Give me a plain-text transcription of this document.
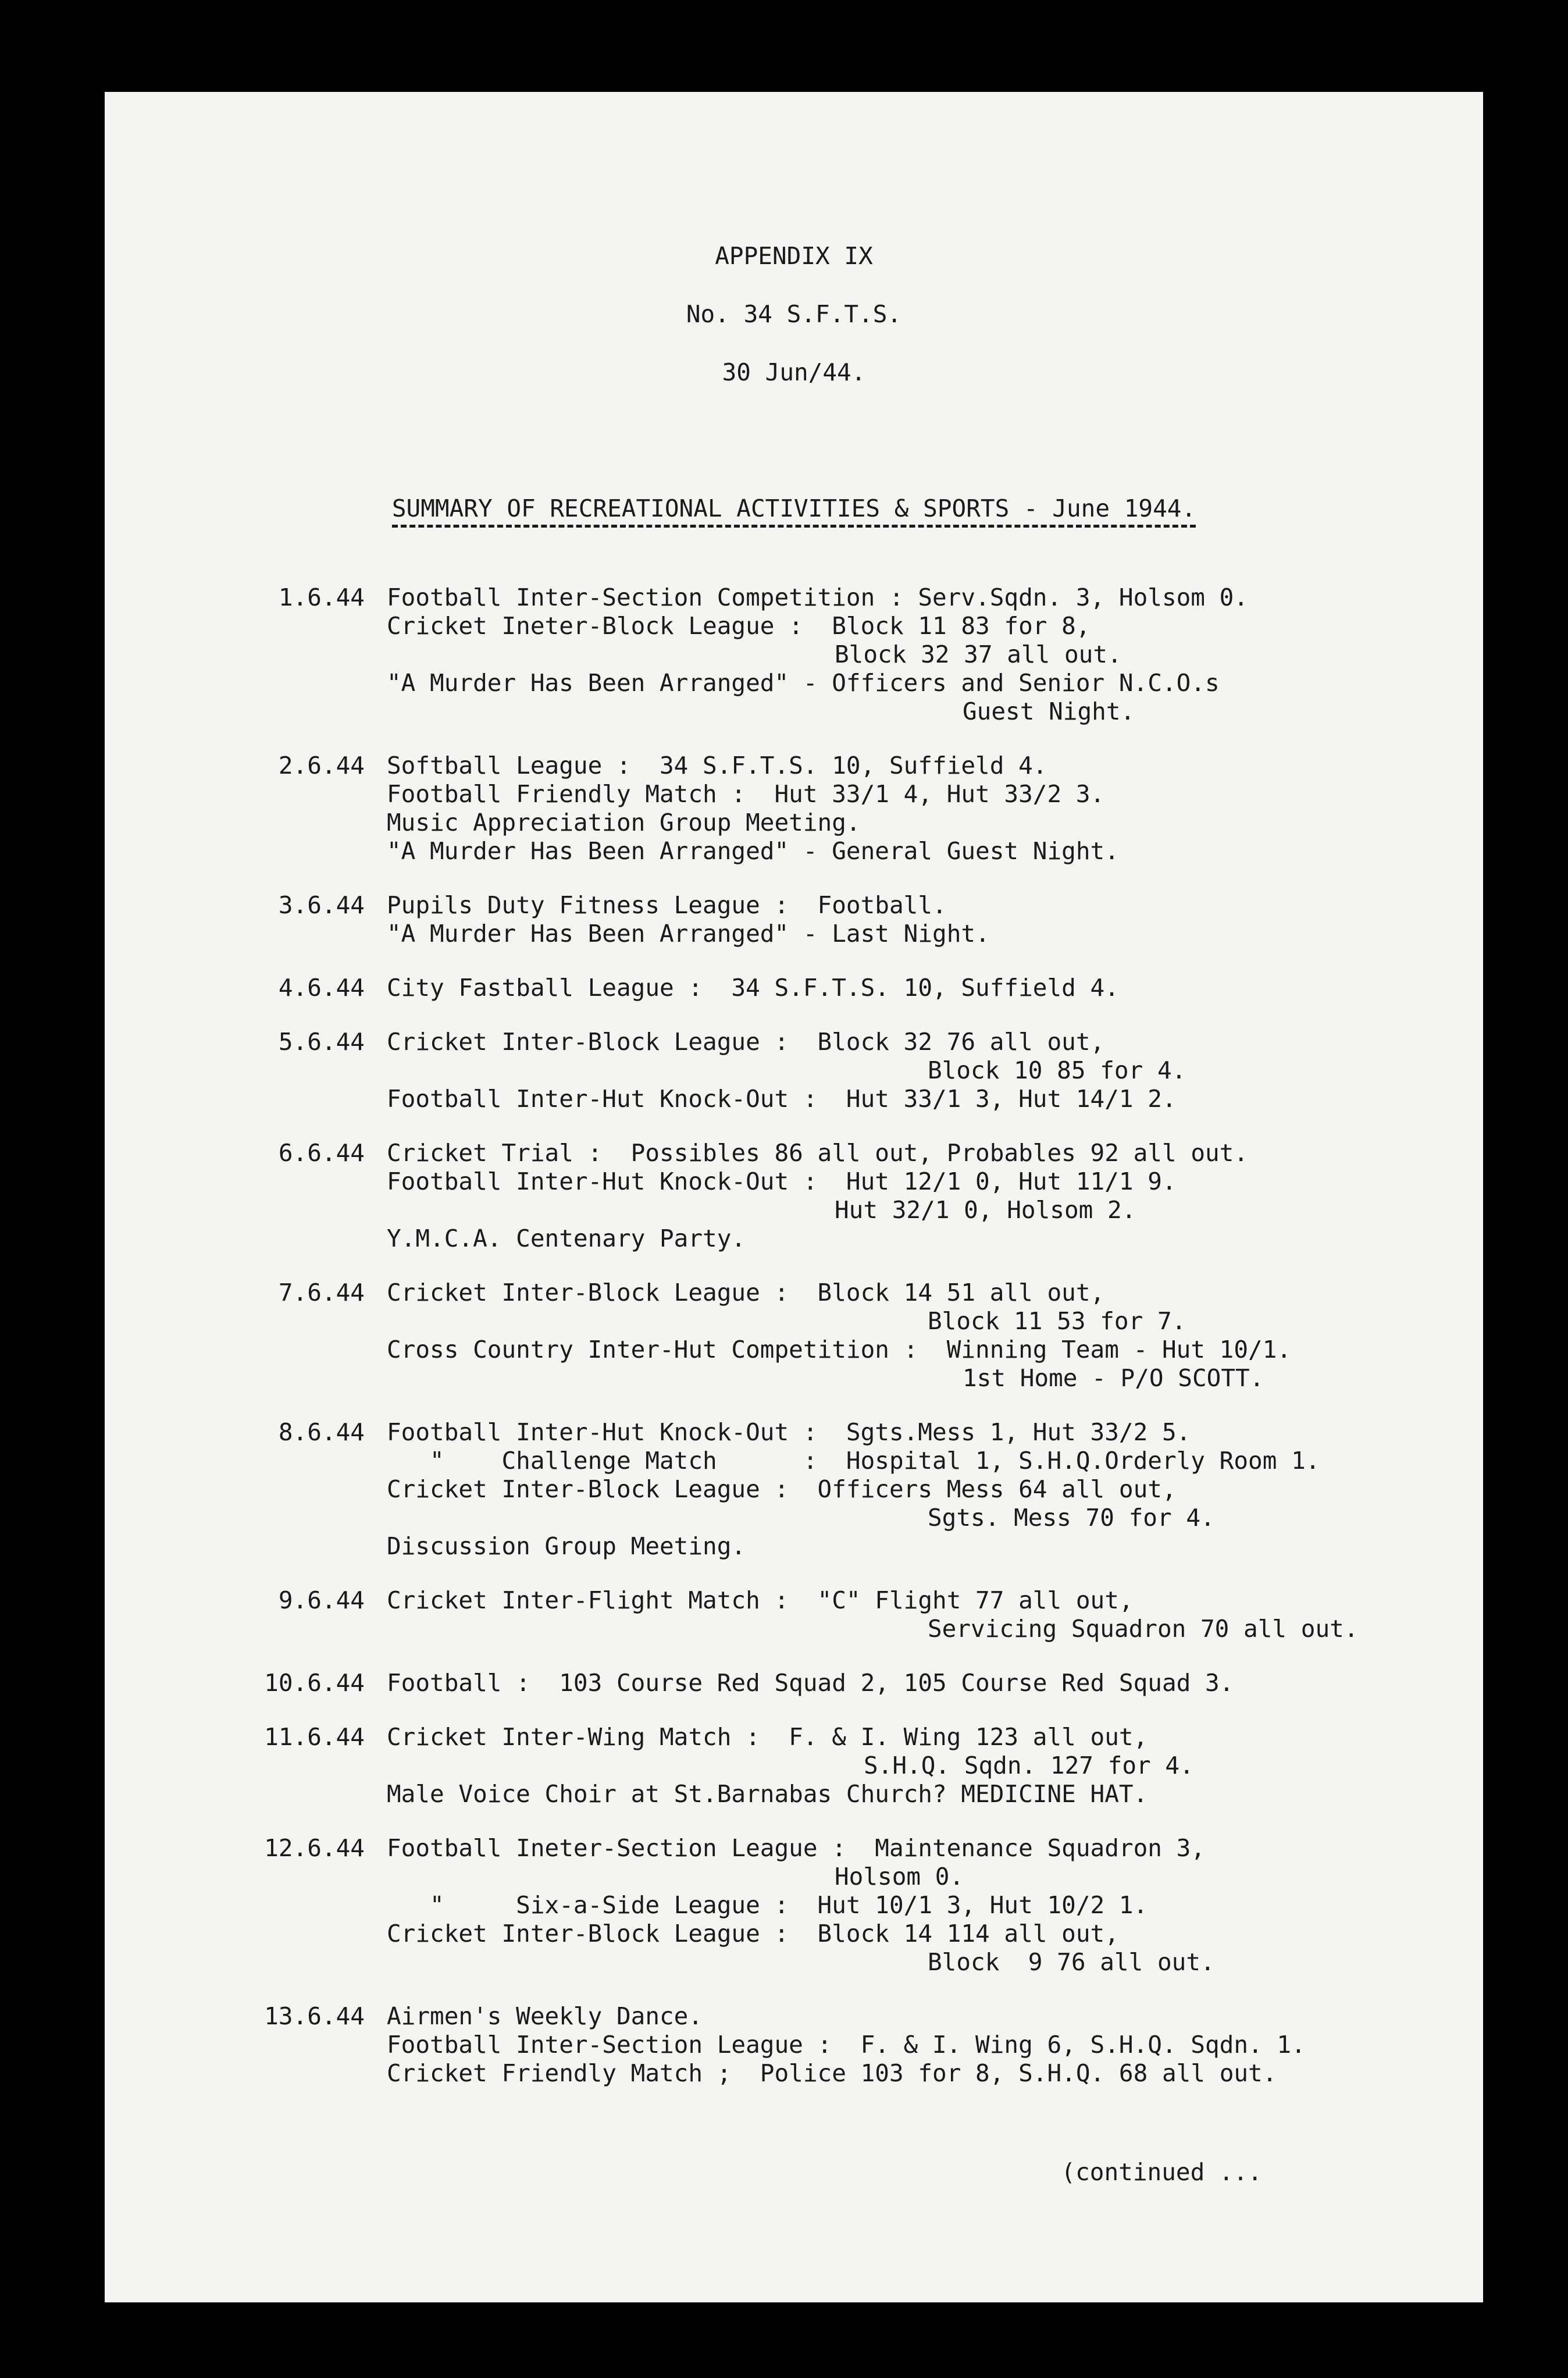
APPENDIX IX
No. 34 S.F.T.S.
30 Jun/44.
SUMMARY OF RECREATIONAL ACTIVITIES & SPORTS - June 1944.
1.6.44 Football Inter-Section Competition : Serv.Sqdn. 3, Holsom 0.
Cricket Ineter-Block League : Block 11 83 for 8,
Block 32 37 all out.
"A Murder Has Been Arranged" - Officers and Senior N.C.O.s
Guest Night.
2.6.44 Softball League : 34 S.F.T.S. 10, Suffield 4.
Football Friendly Match : Hut 33/1 4, Hut 33/2 3.
Music Appreciation Group Meeting.
"A Murder Has Been Arranged" - General Guest Night.
3.6.44 Pupils Duty Fitness League : Football.
"A Murder Has Been Arranged" - Last Night.
4.6.44 City Fastball League : 34 S.F.T.S. 10, Suffield 4.
5.6.44 Cricket Inter-Block League : Block 32 76 all out,
Block 10 85 for 4.
Football Inter-Hut Knock-Out : Hut 33/1 3, Hut 14/1 2.
6.6.44 Cricket Trial : Possibles 86 all out, Probables 92 all out.
Football Inter-Hut Knock-Out : Hut 12/1 0, Hut 11/1 9.
Hut 32/1 0, Holsom 2.
Y.M.C.A. Centenary Party.
7.6.44 Cricket Inter-Block League : Block 14 51 all out,
Block 11 53 for 7.
Cross Country Inter-Hut Competition : Winning Team - Hut 10/1.
1st Home - P/O SCOTT.
8.6.44 Football Inter-Hut Knock-Out : Sgts.Mess 1, Hut 33/2 5.
"    Challenge Match      : Hospital 1, S.H.Q.Orderly Room 1.
Cricket Inter-Block League : Officers Mess 64 all out,
Sgts. Mess 70 for 4.
Discussion Group Meeting.
9.6.44 Cricket Inter-Flight Match : "C" Flight 77 all out,
Servicing Squadron 70 all out.
10.6.44 Football : 103 Course Red Squad 2, 105 Course Red Squad 3.
11.6.44 Cricket Inter-Wing Match : F. & I. Wing 123 all out,
S.H.Q. Sqdn. 127 for 4.
Male Voice Choir at St.Barnabas Church? MEDICINE HAT.
12.6.44 Football Ineter-Section League : Maintenance Squadron 3,
Holsom 0.
"     Six-a-Side League : Hut 10/1 3, Hut 10/2 1.
Cricket Inter-Block League : Block 14 114 all out,
Block  9 76 all out.
13.6.44 Airmen's Weekly Dance.
Football Inter-Section League : F. & I. Wing 6, S.H.Q. Sqdn. 1.
Cricket Friendly Match ; Police 103 for 8, S.H.Q. 68 all out.
(continued ...
